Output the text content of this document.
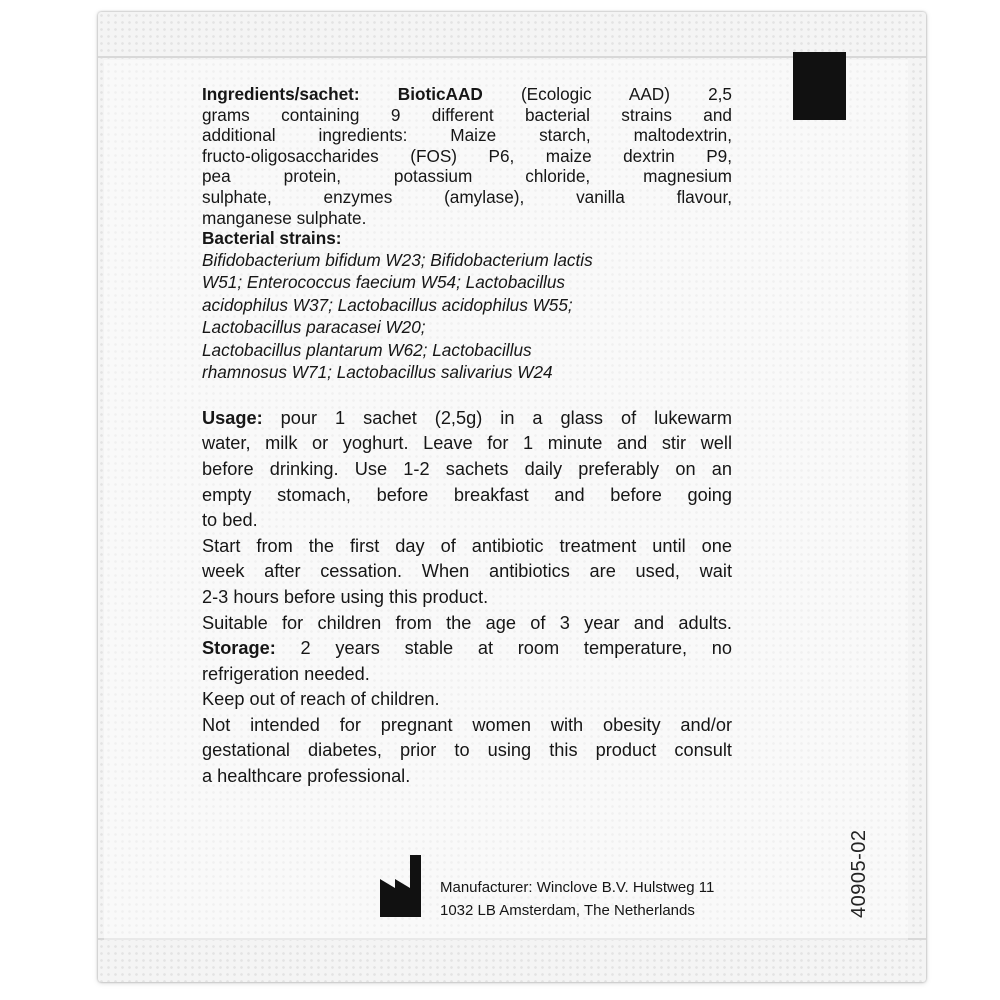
Ingredients/sachet: BioticAAD (Ecologic AAD) 2,5
grams containing 9 different bacterial strains and
additional ingredients: Maize starch, maltodextrin,
fructo-oligosaccharides (FOS) P6, maize dextrin P9,
pea protein, potassium chloride, magnesium
sulphate, enzymes (amylase), vanilla flavour,
manganese sulphate.
Bacterial strains:
Bifidobacterium bifidum W23; Bifidobacterium lactis
W51; Enterococcus faecium W54; Lactobacillus
acidophilus W37; Lactobacillus acidophilus W55;
Lactobacillus paracasei W20;
Lactobacillus plantarum W62; Lactobacillus
rhamnosus W71; Lactobacillus salivarius W24
Usage: pour 1 sachet (2,5g) in a glass of lukewarm
water, milk or yoghurt. Leave for 1 minute and stir well
before drinking. Use 1-2 sachets daily preferably on an
empty stomach, before breakfast and before going
to bed.
Start from the first day of antibiotic treatment until one
week after cessation. When antibiotics are used, wait
2-3 hours before using this product.
Suitable for children from the age of 3 year and adults.
Storage: 2 years stable at room temperature, no
refrigeration needed.
Keep out of reach of children.
Not intended for pregnant women with obesity and/or
gestational diabetes, prior to using this product consult
a healthcare professional.
Manufacturer: Winclove B.V. Hulstweg 11
1032 LB Amsterdam, The Netherlands	40905-02
